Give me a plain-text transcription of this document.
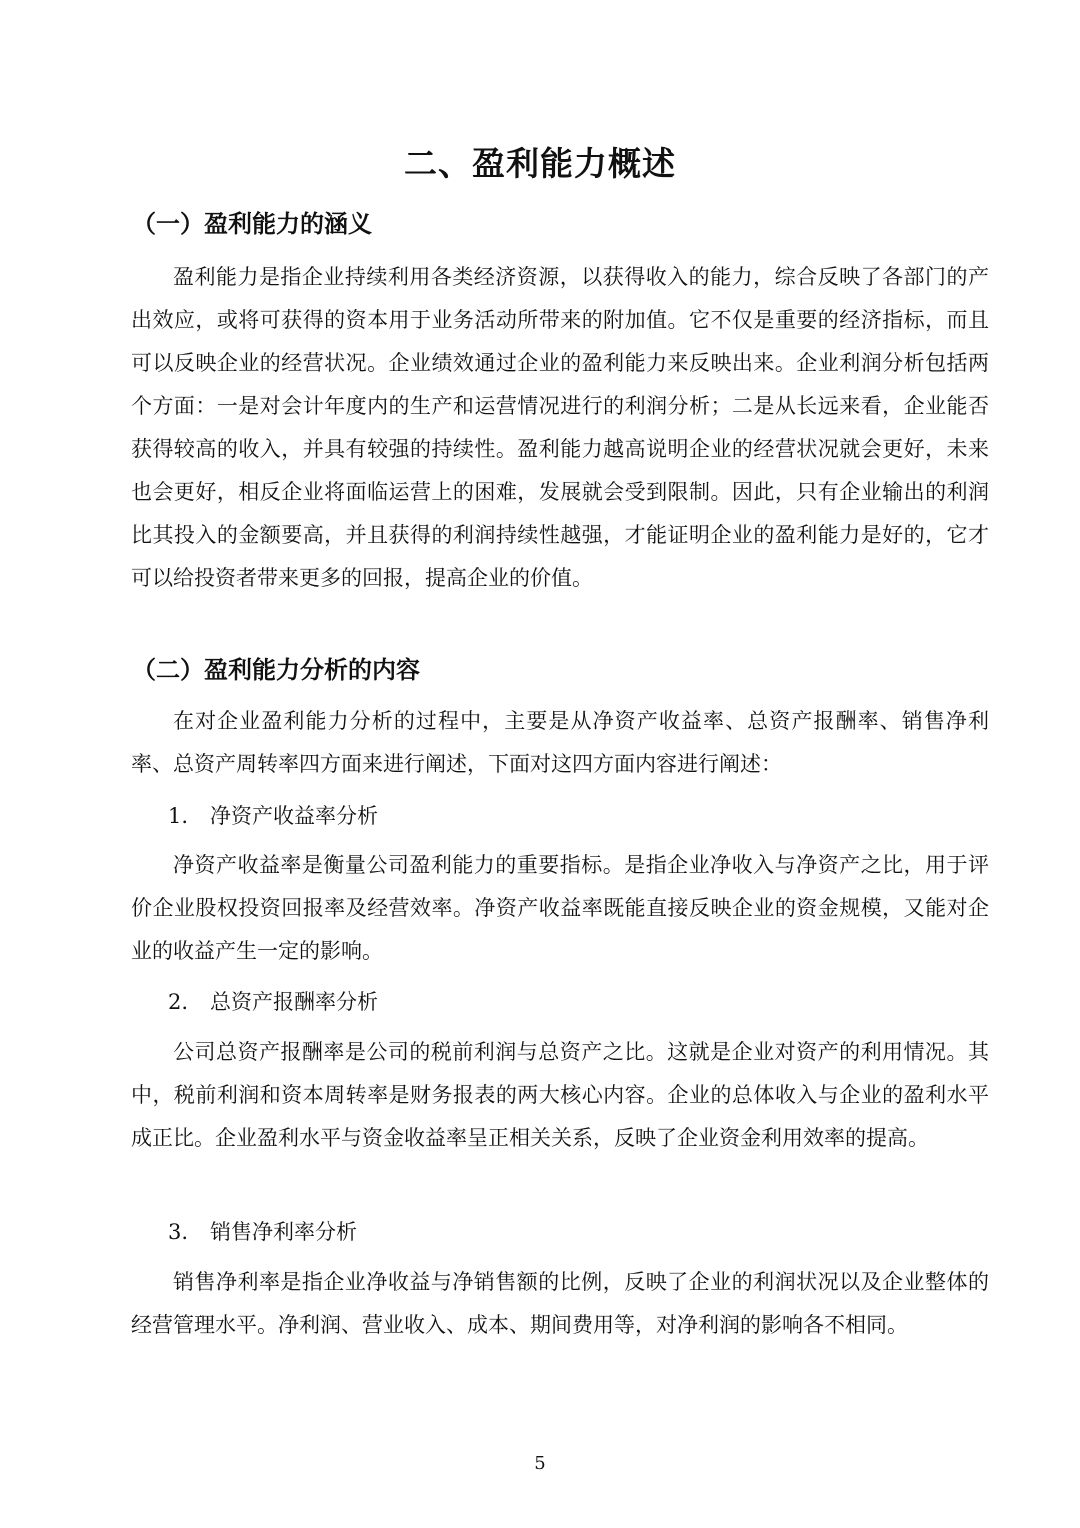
二、盈利能力概述
（一）盈利能力的涵义

盈利能力是指企业持续利用各类经济资源，以获得收入的能力，综合反映了各部门的产出效应，或将可获得的资本用于业务活动所带来的附加值。它不仅是重要的经济指标，而且可以反映企业的经营状况。企业绩效通过企业的盈利能力来反映出来。企业利润分析包括两个方面：一是对会计年度内的生产和运营情况进行的利润分析；二是从长远来看，企业能否获得较高的收入，并具有较强的持续性。盈利能力越高说明企业的经营状况就会更好，未来也会更好，相反企业将面临运营上的困难，发展就会受到限制。因此，只有企业输出的利润比其投入的金额要高，并且获得的利润持续性越强，才能证明企业的盈利能力是好的，它才可以给投资者带来更多的回报，提高企业的价值。

（二）盈利能力分析的内容

在对企业盈利能力分析的过程中，主要是从净资产收益率、总资产报酬率、销售净利率、总资产周转率四方面来进行阐述，下面对这四方面内容进行阐述：

1. 净资产收益率分析

净资产收益率是衡量公司盈利能力的重要指标。是指企业净收入与净资产之比，用于评价企业股权投资回报率及经营效率。净资产收益率既能直接反映企业的资金规模，又能对企业的收益产生一定的影响。

2. 总资产报酬率分析

公司总资产报酬率是公司的税前利润与总资产之比。这就是企业对资产的利用情况。其中，税前利润和资本周转率是财务报表的两大核心内容。企业的总体收入与企业的盈利水平成正比。企业盈利水平与资金收益率呈正相关关系，反映了企业资金利用效率的提高。

3. 销售净利率分析

销售净利率是指企业净收益与净销售额的比例，反映了企业的利润状况以及企业整体的经营管理水平。净利润、营业收入、成本、期间费用等，对净利润的影响各不相同。

5
